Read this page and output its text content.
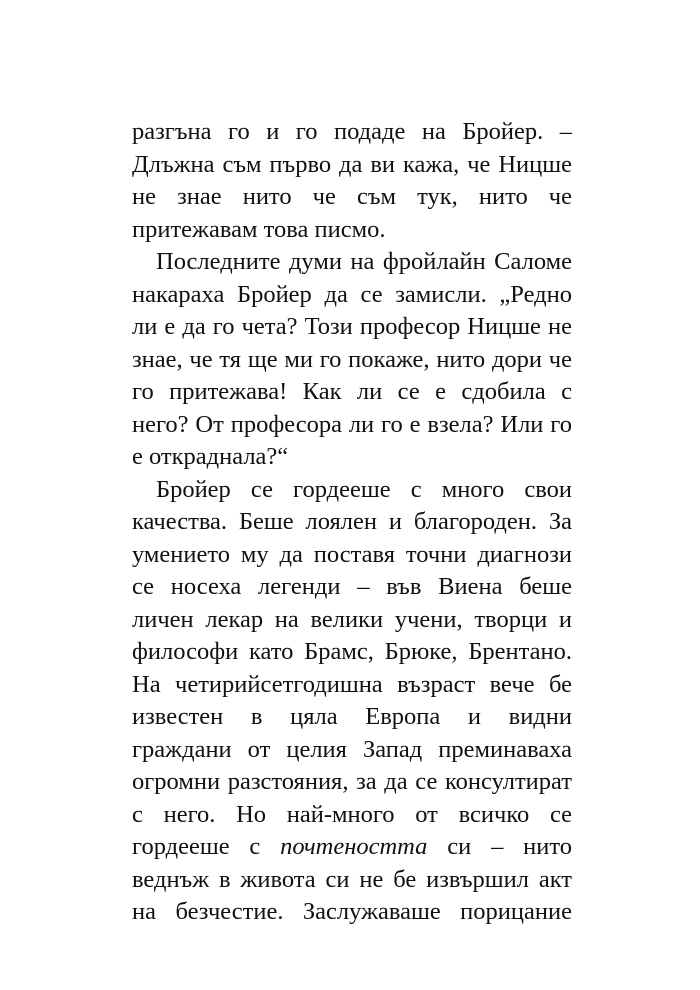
разгъна го и го подаде на Бройер. –
Длъжна съм първо да ви кажа, че Ницше
не знае нито че съм тук, нито че
притежавам това писмо.
Последните думи на фройлайн Саломе
накараха Бройер да се замисли. „Редно
ли е да го чета? Този професор Ницше не
знае, че тя ще ми го покаже, нито дори че
го притежава! Как ли се е сдобила с
него? От професора ли го е взела? Или го
е откраднала?“
Бройер се гордееше с много свои
качества. Беше лоялен и благороден. За
умението му да поставя точни диагнози
се носеха легенди – във Виена беше
личен лекар на велики учени, творци и
философи като Брамс, Брюке, Брентано.
На четирийсетгодишна възраст вече бе
известен в цяла Европа и видни
граждани от целия Запад преминаваха
огромни разстояния, за да се консултират
с него. Но най-много от всичко се
гордееше с почтеността си – нито
веднъж в живота си не бе извършил акт
на безчестие. Заслужаваше порицание
